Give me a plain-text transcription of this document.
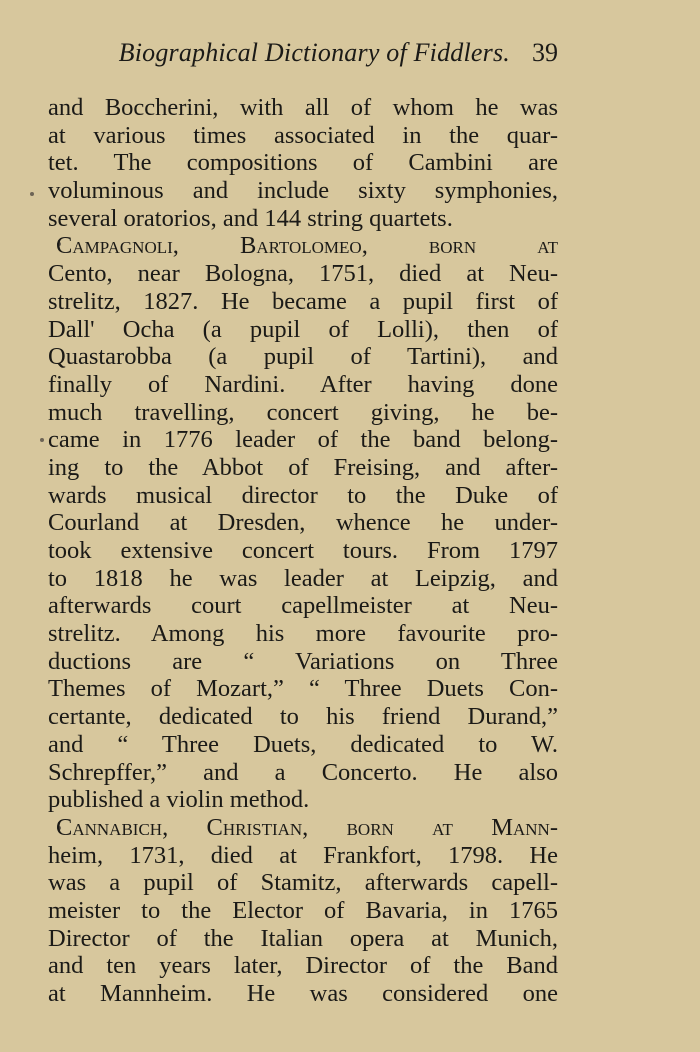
Biographical Dictionary of Fiddlers. 39
and Boccherini, with all of whom he was
at various times associated in the quar-
tet. The compositions of Cambini are
voluminous and include sixty symphonies,
several oratorios, and 144 string quartets.
Campagnoli, Bartolomeo, born at
Cento, near Bologna, 1751, died at Neu-
strelitz, 1827. He became a pupil first of
Dall' Ocha (a pupil of Lolli), then of
Quastarobba (a pupil of Tartini), and
finally of Nardini. After having done
much travelling, concert giving, he be-
came in 1776 leader of the band belong-
ing to the Abbot of Freising, and after-
wards musical director to the Duke of
Courland at Dresden, whence he under-
took extensive concert tours. From 1797
to 1818 he was leader at Leipzig, and
afterwards court capellmeister at Neu-
strelitz. Among his more favourite pro-
ductions are “ Variations on Three
Themes of Mozart,” “ Three Duets Con-
certante, dedicated to his friend Durand,”
and “ Three Duets, dedicated to W.
Schrepffer,” and a Concerto. He also
published a violin method.
Cannabich, Christian, born at Mann-
heim, 1731, died at Frankfort, 1798. He
was a pupil of Stamitz, afterwards capell-
meister to the Elector of Bavaria, in 1765
Director of the Italian opera at Munich,
and ten years later, Director of the Band
at Mannheim. He was considered one
